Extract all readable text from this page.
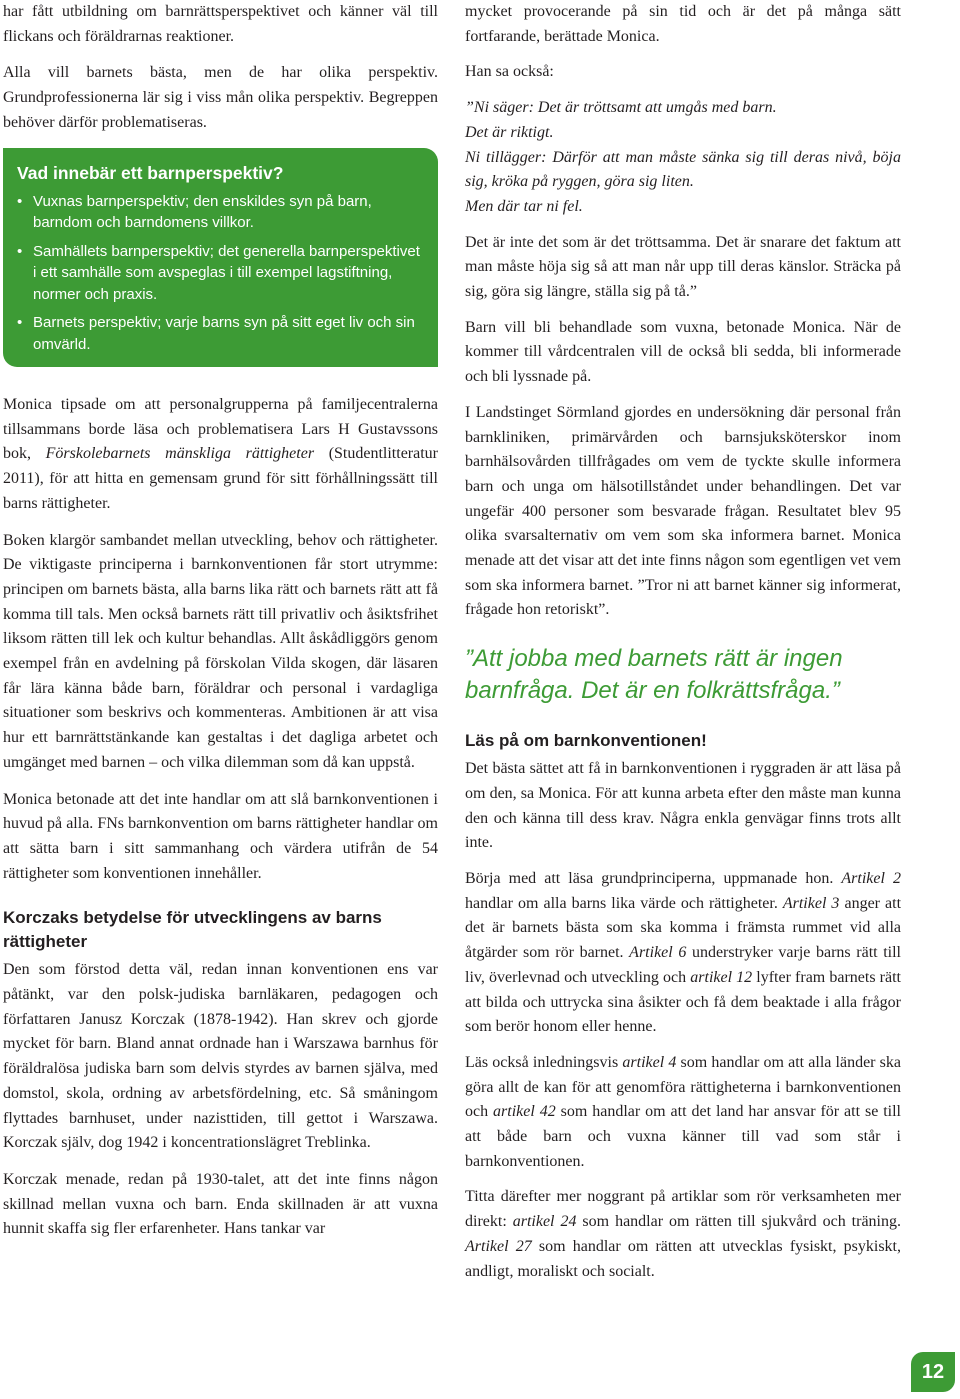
har fått utbildning om barnrättsperspektivet och känner väl till flickans och föräldrarnas reaktioner.

Alla vill barnets bästa, men de har olika perspektiv. Grundprofessionerna lär sig i viss mån olika perspektiv. Begreppen behöver därför problematiseras.

Vad innebär ett barnperspektiv?
• Vuxnas barnperspektiv; den enskildes syn på barn, barndom och barndomens villkor.
• Samhällets barnperspektiv; det generella barnperspektivet i ett samhälle som avspeglas i till exempel lagstiftning, normer och praxis.
• Barnets perspektiv; varje barns syn på sitt eget liv och sin omvärld.

Monica tipsade om att personalgrupperna på familjecentralerna tillsammans borde läsa och problematisera Lars H Gustavssons bok, Förskolebarnets mänskliga rättigheter (Studentlitteratur 2011), för att hitta en gemensam grund för sitt förhållningssätt till barns rättigheter.

Boken klargör sambandet mellan utveckling, behov och rättigheter. De viktigaste principerna i barnkonventionen får stort utrymme: principen om barnets bästa, alla barns lika rätt och barnets rätt att få komma till tals. Men också barnets rätt till privatliv och åsiktsfrihet liksom rätten till lek och kultur behandlas. Allt åskådliggörs genom exempel från en avdelning på förskolan Vilda skogen, där läsaren får lära känna både barn, föräldrar och personal i vardagliga situationer som beskrivs och kommenteras. Ambitionen är att visa hur ett barnrättstänkande kan gestaltas i det dagliga arbetet och umgänget med barnen – och vilka dilemman som då kan uppstå.

Monica betonade att det inte handlar om att slå barnkonventionen i huvud på alla. FNs barnkonvention om barns rättigheter handlar om att sätta barn i sitt sammanhang och värdera utifrån de 54 rättigheter som konventionen innehåller.

Korczaks betydelse för utvecklingens av barns rättigheter

Den som förstod detta väl, redan innan konventionen ens var påtänkt, var den polsk-judiska barnläkaren, pedagogen och författaren Janusz Korczak (1878-1942). Han skrev och gjorde mycket för barn. Bland annat ordnade han i Warszawa barnhus för föräldralösa judiska barn som delvis styrdes av barnen själva, med domstol, skola, ordning av arbetsfördelning, etc. Så småningom flyttades barnhuset, under nazisttiden, till gettot i Warszawa. Korczak själv, dog 1942 i koncentrationslägret Treblinka.

Korczak menade, redan på 1930-talet, att det inte finns någon skillnad mellan vuxna och barn. Enda skillnaden är att vuxna hunnit skaffa sig fler erfarenheter. Hans tankar var

mycket provocerande på sin tid och är det på många sätt fortfarande, berättade Monica.

Han sa också:

”Ni säger: Det är tröttsamt att umgås med barn.

Det är riktigt.

Ni tillägger: Därför att man måste sänka sig till deras nivå, böja sig, kröka på ryggen, göra sig liten.

Men där tar ni fel.

Det är inte det som är det tröttsamma. Det är snarare det faktum att man måste höja sig så att man når upp till deras känslor. Sträcka på sig, göra sig längre, ställa sig på tå.”

Barn vill bli behandlade som vuxna, betonade Monica. När de kommer till vårdcentralen vill de också bli sedda, bli informerade och bli lyssnade på.

I Landstinget Sörmland gjordes en undersökning där personal från barnkliniken, primärvården och barnsjuksköterskor inom barnhälsovården tillfrågades om vem de tyckte skulle informera barn och unga om hälsotillståndet under behandlingen. Det var ungefär 400 personer som besvarade frågan. Resultatet blev 95 olika svarsalternativ om vem som ska informera barnet. Monica menade att det visar att det inte finns någon som egentligen vet vem som ska informera barnet. ”Tror ni att barnet känner sig informerat, frågade hon retoriskt”.

”Att jobba med barnets rätt är ingen barnfråga. Det är en folkrättsfråga.”
Läs på om barnkonventionen!

Det bästa sättet att få in barnkonventionen i ryggraden är att läsa på om den, sa Monica. För att kunna arbeta efter den måste man kunna den och känna till dess krav. Några enkla genvägar finns trots allt inte.

Börja med att läsa grundprinciperna, uppmanade hon. Artikel 2 handlar om alla barns lika värde och rättigheter. Artikel 3 anger att det är barnets bästa som ska komma i främsta rummet vid alla åtgärder som rör barnet. Artikel 6 understryker varje barns rätt till liv, överlevnad och utveckling och artikel 12 lyfter fram barnets rätt att bilda och uttrycka sina åsikter och få dem beaktade i alla frågor som berör honom eller henne.

Läs också inledningsvis artikel 4 som handlar om att alla länder ska göra allt de kan för att genomföra rättigheterna i barnkonventionen och artikel 42 som handlar om att det land har ansvar för att se till att både barn och vuxna känner till vad som står i barnkonventionen.

Titta därefter mer noggrant på artiklar som rör verksamheten mer direkt: artikel 24 som handlar om rätten till sjukvård och träning. Artikel 27 som handlar om rätten att utvecklas fysiskt, psykiskt, andligt, moraliskt och socialt.

12
